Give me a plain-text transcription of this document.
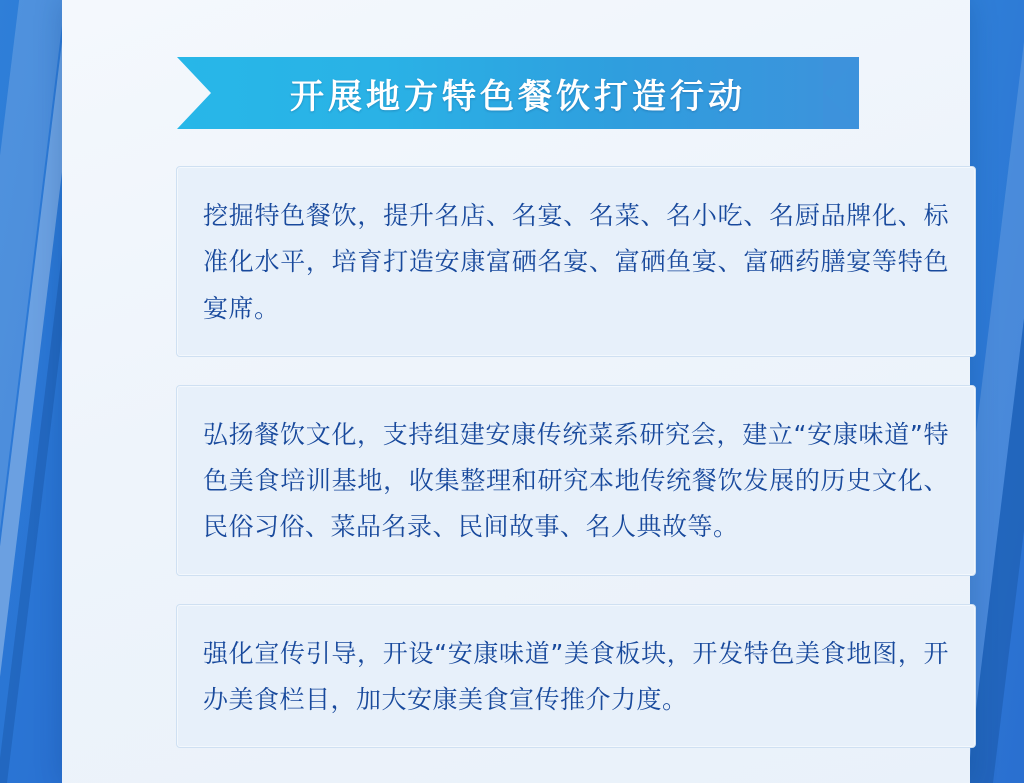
开展地方特色餐饮打造行动

挖掘特色餐饮，提升名店、名宴、名菜、名小吃、名厨品牌化、标准化水平，培育打造安康富硒名宴、富硒鱼宴、富硒药膳宴等特色宴席。

弘扬餐饮文化，支持组建安康传统菜系研究会，建立“安康味道”特色美食培训基地，收集整理和研究本地传统餐饮发展的历史文化、民俗习俗、菜品名录、民间故事、名人典故等。

强化宣传引导，开设“安康味道”美食板块，开发特色美食地图，开办美食栏目，加大安康美食宣传推介力度。
